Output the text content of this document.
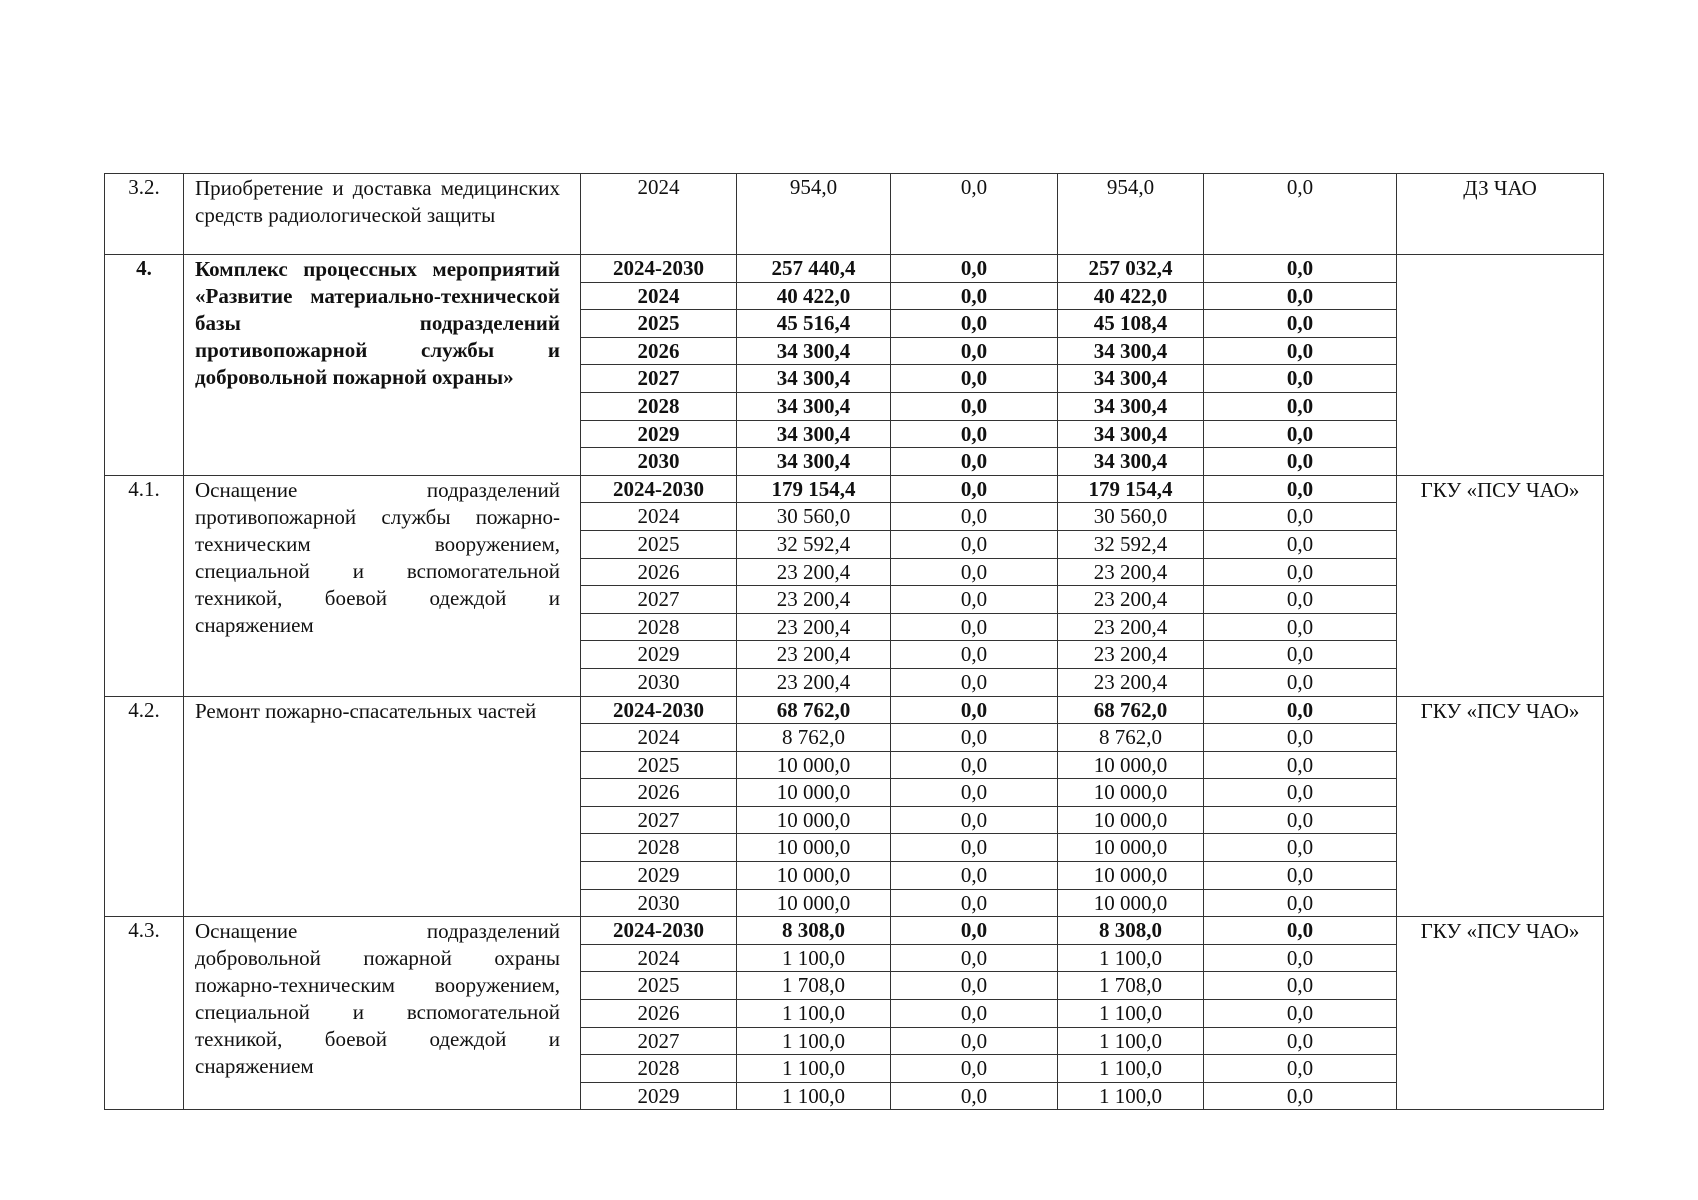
3.2.	Приобретение и доставка медицинских средств радиологической защиты	2024	954,0	0,0	954,0	0,0	ДЗ ЧАО
4.	Комплекс процессных мероприятий «Развитие материально-технической базы подразделений противопожарной службы и добровольной пожарной охраны»	2024-2030	257 440,4	0,0	257 032,4	0,0	
		2024	40 422,0	0,0	40 422,0	0,0	
		2025	45 516,4	0,0	45 108,4	0,0	
		2026	34 300,4	0,0	34 300,4	0,0	
		2027	34 300,4	0,0	34 300,4	0,0	
		2028	34 300,4	0,0	34 300,4	0,0	
		2029	34 300,4	0,0	34 300,4	0,0	
		2030	34 300,4	0,0	34 300,4	0,0	
4.1.	Оснащение подразделений противопожарной службы пожарно-техническим вооружением, специальной и вспомогательной техникой, боевой одеждой и снаряжением	2024-2030	179 154,4	0,0	179 154,4	0,0	ГКУ «ПСУ ЧАО»
		2024	30 560,0	0,0	30 560,0	0,0	
		2025	32 592,4	0,0	32 592,4	0,0	
		2026	23 200,4	0,0	23 200,4	0,0	
		2027	23 200,4	0,0	23 200,4	0,0	
		2028	23 200,4	0,0	23 200,4	0,0	
		2029	23 200,4	0,0	23 200,4	0,0	
		2030	23 200,4	0,0	23 200,4	0,0	
4.2.	Ремонт пожарно-спасательных частей	2024-2030	68 762,0	0,0	68 762,0	0,0	ГКУ «ПСУ ЧАО»
		2024	8 762,0	0,0	8 762,0	0,0	
		2025	10 000,0	0,0	10 000,0	0,0	
		2026	10 000,0	0,0	10 000,0	0,0	
		2027	10 000,0	0,0	10 000,0	0,0	
		2028	10 000,0	0,0	10 000,0	0,0	
		2029	10 000,0	0,0	10 000,0	0,0	
		2030	10 000,0	0,0	10 000,0	0,0	
4.3.	Оснащение подразделений добровольной пожарной охраны пожарно-техническим вооружением, специальной и вспомогательной техникой, боевой одеждой и снаряжением	2024-2030	8 308,0	0,0	8 308,0	0,0	ГКУ «ПСУ ЧАО»
		2024	1 100,0	0,0	1 100,0	0,0	
		2025	1 708,0	0,0	1 708,0	0,0	
		2026	1 100,0	0,0	1 100,0	0,0	
		2027	1 100,0	0,0	1 100,0	0,0	
		2028	1 100,0	0,0	1 100,0	0,0	
		2029	1 100,0	0,0	1 100,0	0,0	
